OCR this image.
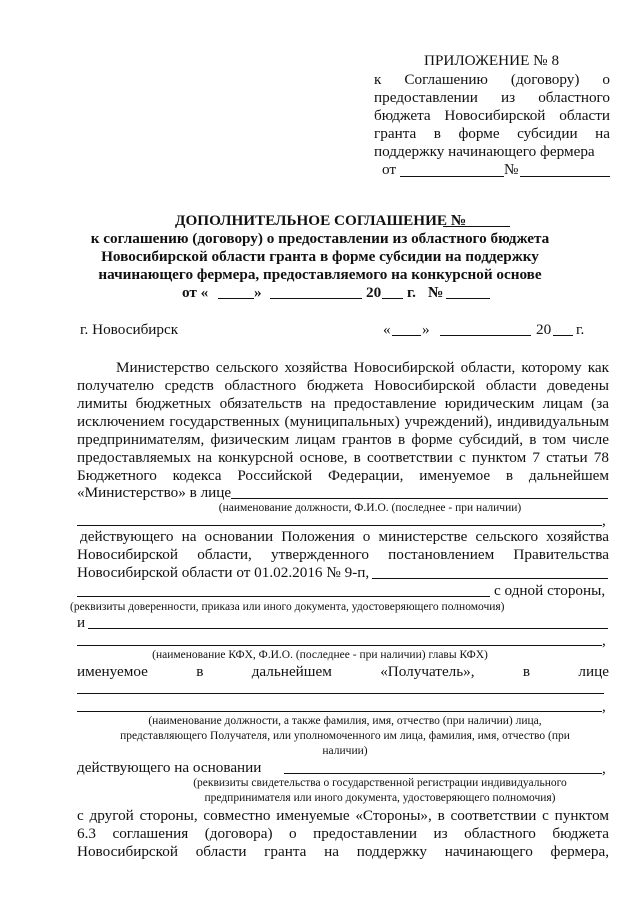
ПРИЛОЖЕНИЕ № 8
к Соглашению (договору) о
предоставлении из областного
бюджета Новосибирской области
гранта в форме субсидии на
поддержку начинающего фермера
от	№
ДОПОЛНИТЕЛЬНОЕ СОГЛАШЕНИЕ №
к соглашению (договору) о предоставлении из областного бюджета
Новосибирской области гранта в форме субсидии на поддержку
начинающего фермера, предоставляемого на конкурсной основе
от «	»	20 г. №
г. Новосибирск	« »	20 г.
Министерство сельского хозяйства Новосибирской области, которому как
получателю средств областного бюджета Новосибирской области доведены
лимиты бюджетных обязательств на предоставление юридическим лицам (за
исключением государственных (муниципальных) учреждений), индивидуальным
предпринимателям, физическим лицам грантов в форме субсидий, в том числе
предоставляемых на конкурсной основе, в соответствии с пунктом 7 статьи 78
Бюджетного кодекса Российской Федерации, именуемое в дальнейшем
«Министерство» в лице
(наименование должности, Ф.И.О. (последнее - при наличии)
,
действующего на основании Положения о министерстве сельского хозяйства
Новосибирской области, утвержденного постановлением Правительства
Новосибирской области от 01.02.2016 № 9-п,
с одной стороны,
(реквизиты доверенности, приказа или иного документа, удостоверяющего полномочия)
и
,
(наименование КФХ, Ф.И.О. (последнее - при наличии) главы КФХ)
именуемое	в	дальнейшем	«Получатель»,	в	лице
,
(наименование должности, а также фамилия, имя, отчество (при наличии) лица,
представляющего Получателя, или уполномоченного им лица, фамилия, имя, отчество (при
наличии)
действующего на основании	,
(реквизиты свидетельства о государственной регистрации индивидуального
предпринимателя или иного документа, удостоверяющего полномочия)
с другой стороны, совместно именуемые «Стороны», в соответствии с пунктом
6.3 соглашения (договора) о предоставлении из областного бюджета
Новосибирской области гранта на поддержку начинающего фермера,
